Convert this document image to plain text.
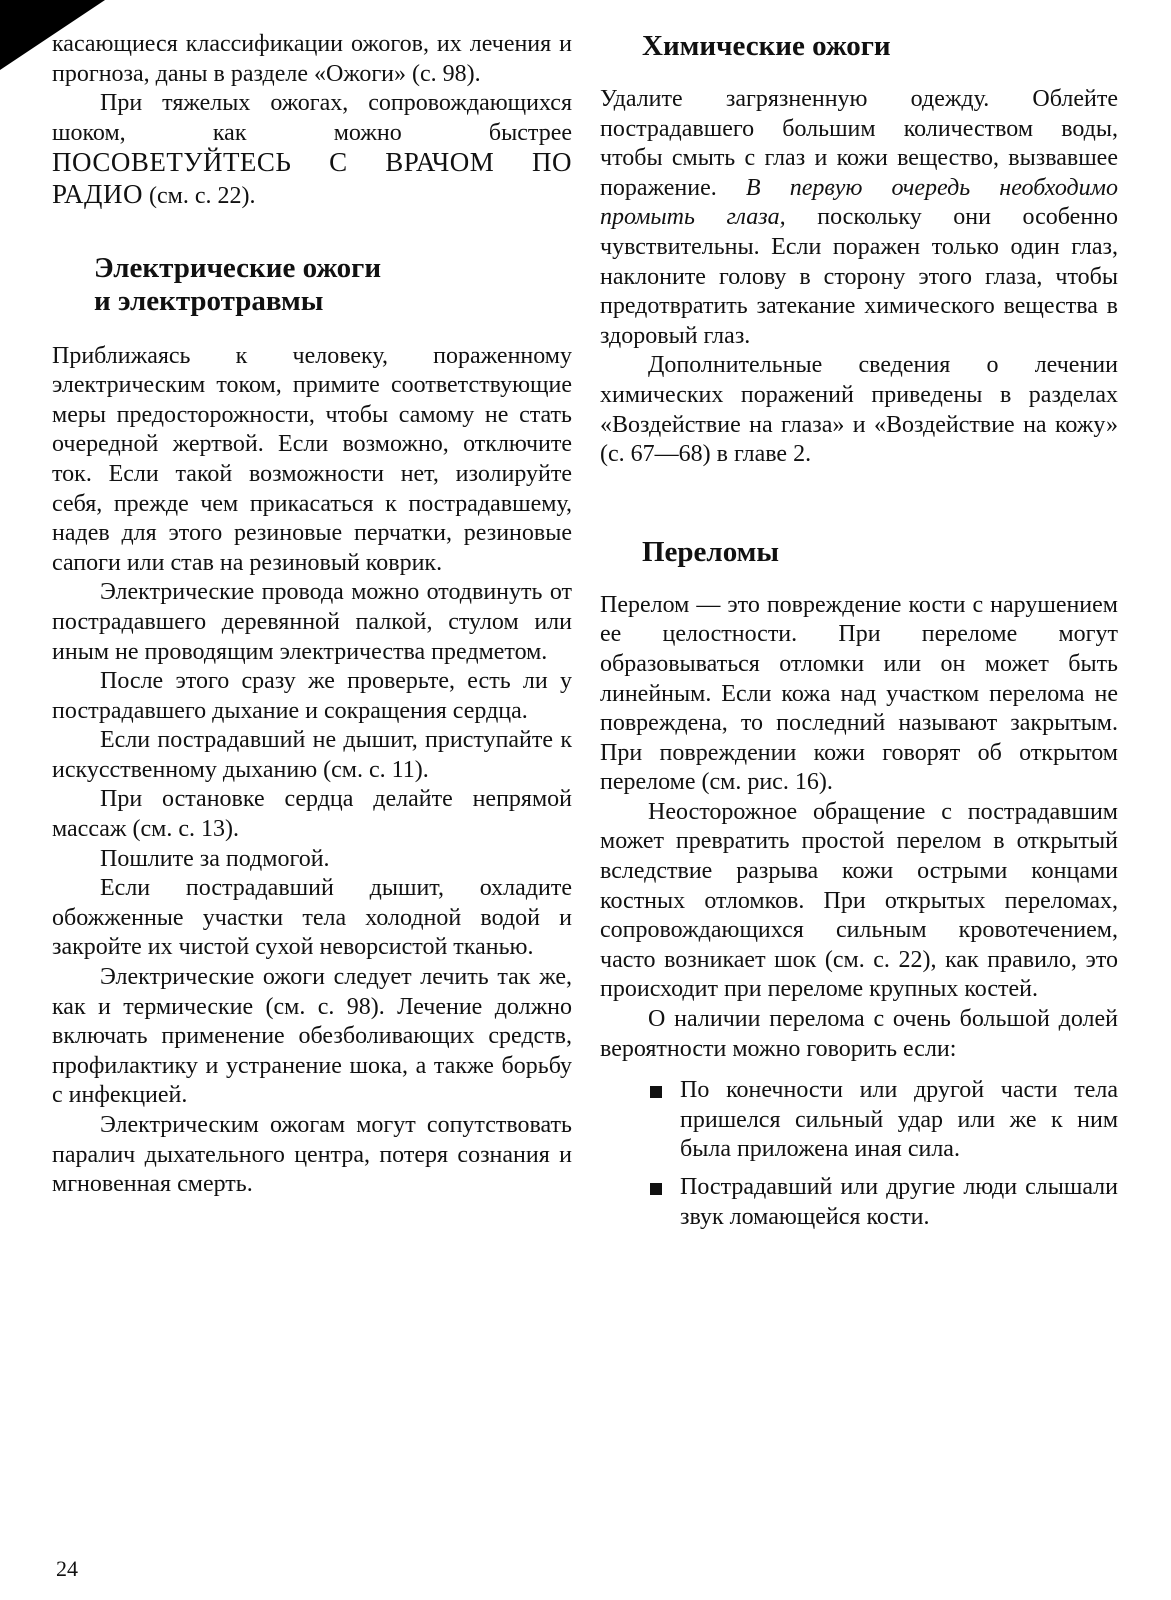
касающиеся классификации ожогов, их лечения и прогноза, даны в разделе «Ожоги» (с. 98).

При тяжелых ожогах, сопровождающихся шоком, как можно быстрее ПОСОВЕТУЙТЕСЬ С ВРАЧОМ ПО РАДИО (см. с. 22).

Электрические ожоги
и электротравмы

Приближаясь к человеку, пораженному электрическим током, примите соответствующие меры предосторожности, чтобы самому не стать очередной жертвой. Если возможно, отключите ток. Если такой возможности нет, изолируйте себя, прежде чем прикасаться к пострадавшему, надев для этого резиновые перчатки, резиновые сапоги или став на резиновый коврик.

Электрические провода можно отодвинуть от пострадавшего деревянной палкой, стулом или иным не проводящим электричества предметом.

После этого сразу же проверьте, есть ли у пострадавшего дыхание и сокращения сердца.

Если пострадавший не дышит, приступайте к искусственному дыханию (см. с. 11).

При остановке сердца делайте непрямой массаж (см. с. 13).

Пошлите за подмогой.

Если пострадавший дышит, охладите обожженные участки тела холодной водой и закройте их чистой сухой неворсистой тканью.

Электрические ожоги следует лечить так же, как и термические (см. с. 98). Лечение должно включать применение обезболивающих средств, профилактику и устранение шока, а также борьбу с инфекцией.

Электрическим ожогам могут сопутствовать паралич дыхательного центра, потеря сознания и мгновенная смерть.

Химические ожоги

Удалите загрязненную одежду. Облейте пострадавшего большим количеством воды, чтобы смыть с глаз и кожи вещество, вызвавшее поражение. В первую очередь необходимо промыть глаза, поскольку они особенно чувствительны. Если поражен только один глаз, наклоните голову в сторону этого глаза, чтобы предотвратить затекание химического вещества в здоровый глаз.

Дополнительные сведения о лечении химических поражений приведены в разделах «Воздействие на глаза» и «Воздействие на кожу» (с. 67—68) в главе 2.

Переломы

Перелом — это повреждение кости с нарушением ее целостности. При переломе могут образовываться отломки или он может быть линейным. Если кожа над участком перелома не повреждена, то последний называют закрытым. При повреждении кожи говорят об открытом переломе (см. рис. 16).

Неосторожное обращение с пострадавшим может превратить простой перелом в открытый вследствие разрыва кожи острыми концами костных отломков. При открытых переломах, сопровождающихся сильным кровотечением, часто возникает шок (см. с. 22), как правило, это происходит при переломе крупных костей.

О наличии перелома с очень большой долей вероятности можно говорить если:

По конечности или другой части тела пришелся сильный удар или же к ним была приложена иная сила.
Пострадавший или другие люди слышали звук ломающейся кости.
24
